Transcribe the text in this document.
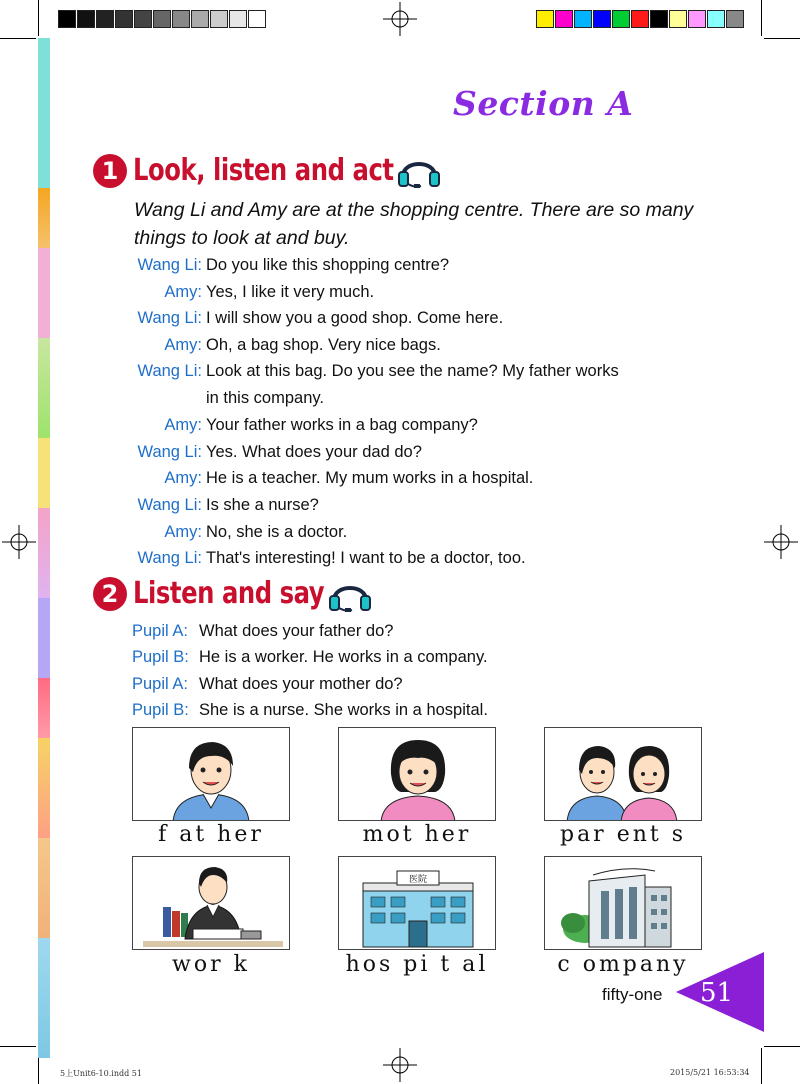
Section A
1 Look, listen and act
Wang Li and Amy are at the shopping centre. There are so many things to look at and buy.
Wang Li: Do you like this shopping centre?
Amy: Yes, I like it very much.
Wang Li: I will show you a good shop. Come here.
Amy: Oh, a bag shop. Very nice bags.
Wang Li: Look at this bag. Do you see the name? My father works
in this company.
Amy: Your father works in a bag company?
Wang Li: Yes. What does your dad do?
Amy: He is a teacher. My mum works in a hospital.
Wang Li: Is she a nurse?
Amy: No, she is a doctor.
Wang Li: That's interesting! I want to be a doctor, too.
2 Listen and say
Pupil A: What does your father do?
Pupil B: He is a worker. He works in a company.
Pupil A: What does your mother do?
Pupil B: She is a nurse. She works in a hospital.
f at her	mot her	par ent s
医院
wor k	hos pi t al	c ompany
51
fifty-one
5上Unit6-10.indd 51	2015/5/21 16:53:34
